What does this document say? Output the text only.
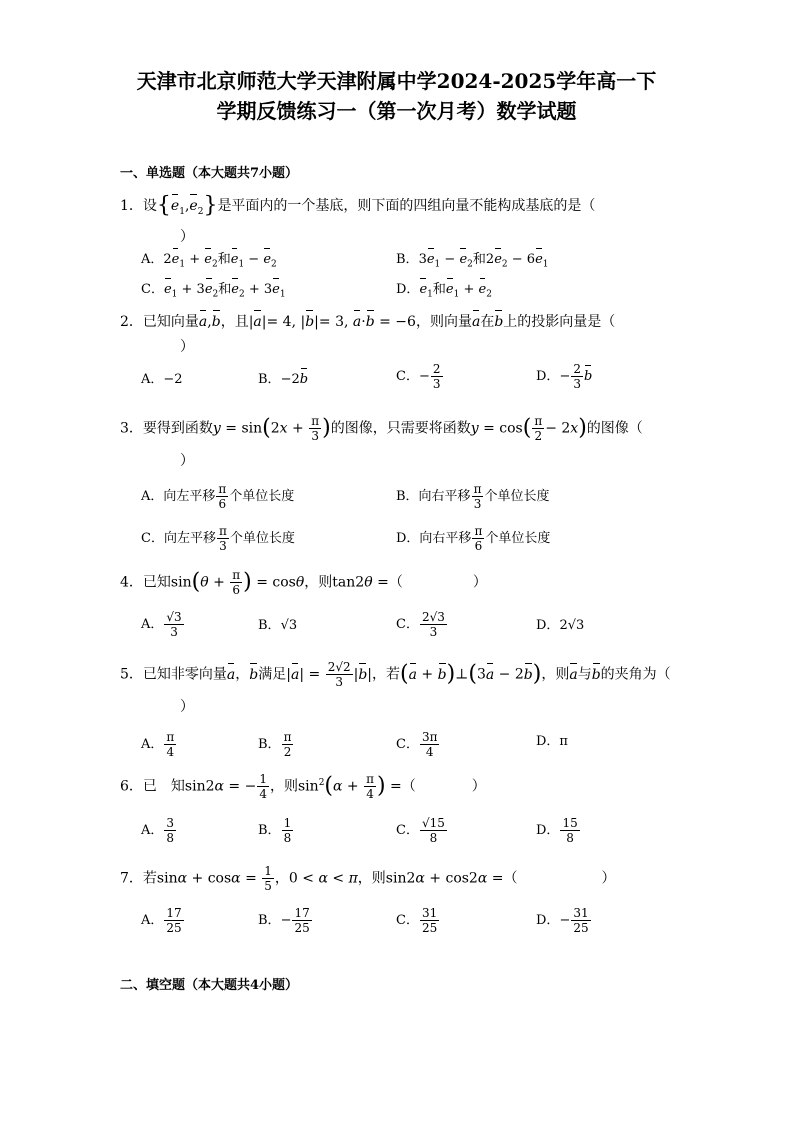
天津市北京师范大学天津附属中学2024-2025学年高一下
学期反馈练习一（第一次月考）数学试题
一、单选题（本大题共7小题）
1．设$\{e_1,e_2\}$是平面内的一个基底，则下面的四组向量不能构成基底的是（
）
A．$2e_1 + e_2$和$e_1 - e_2$	B．$3e_1 - e_2$和$2e_2 - 6e_1$
C．$e_1 + 3e_2$和$e_2 + 3e_1$	D．$e_1$和$e_1 + e_2$
2．已知向量a,b，且|a|= 4, |b|= 3, a·b = −6，则向量a在b上的投影向量是（
）
A．−2	B．−2b	C．− $\frac{2}{3}$	D．− $\frac{2}{3}$ b
3．要得到函数$y = \sin(2x + \frac{\pi}{3}$ )的图像，只需要将函数$y = \cos( \frac{\pi}{2} - 2x)$的图像（
）
A．向左平移 $\frac{\pi}{6}$ 个单位长度	B．向右平移 $\frac{\pi}{3}$ 个单位长度
C．向左平移 $\frac{\pi}{3}$ 个单位长度	D．向右平移 $\frac{\pi}{6}$ 个单位长度
4．已知$\sin(\theta + \frac{\pi}{6}$ ) = cosθ，则tan2θ =（　　　　　）
A． $\frac{√3}{3}$	B．√3	C． $\frac{2√3}{3}$	D．2√3
5．已知非零向量a，b满足$|a| = \frac{2√2}{3} |b|$，若(a + b)⊥(3a − 2b)，则a与b的夹角为（
）
A． $\frac{\pi}{4}$	B． $\frac{\pi}{2}$	C． $\frac{3\pi}{4}$	D．π
6．已　知sin2α = − $\frac{1}{4}$ ，则$\sin^2(\alpha + \frac{\pi}{4}$ ) =（　　　　）
A． $\frac{3}{8}$	B． $\frac{1}{8}$	C． $\frac{√15}{8}$	D． $\frac{15}{8}$
7．若$\sin\alpha + \cos\alpha = \frac{1}{5}$ ，0 < α < π，则sin2α + cos2α =（　　　　　　）
A． $\frac{17}{25}$	B．− $\frac{17}{25}$	C． $\frac{31}{25}$	D．− $\frac{31}{25}$
二、填空题（本大题共4小题）
